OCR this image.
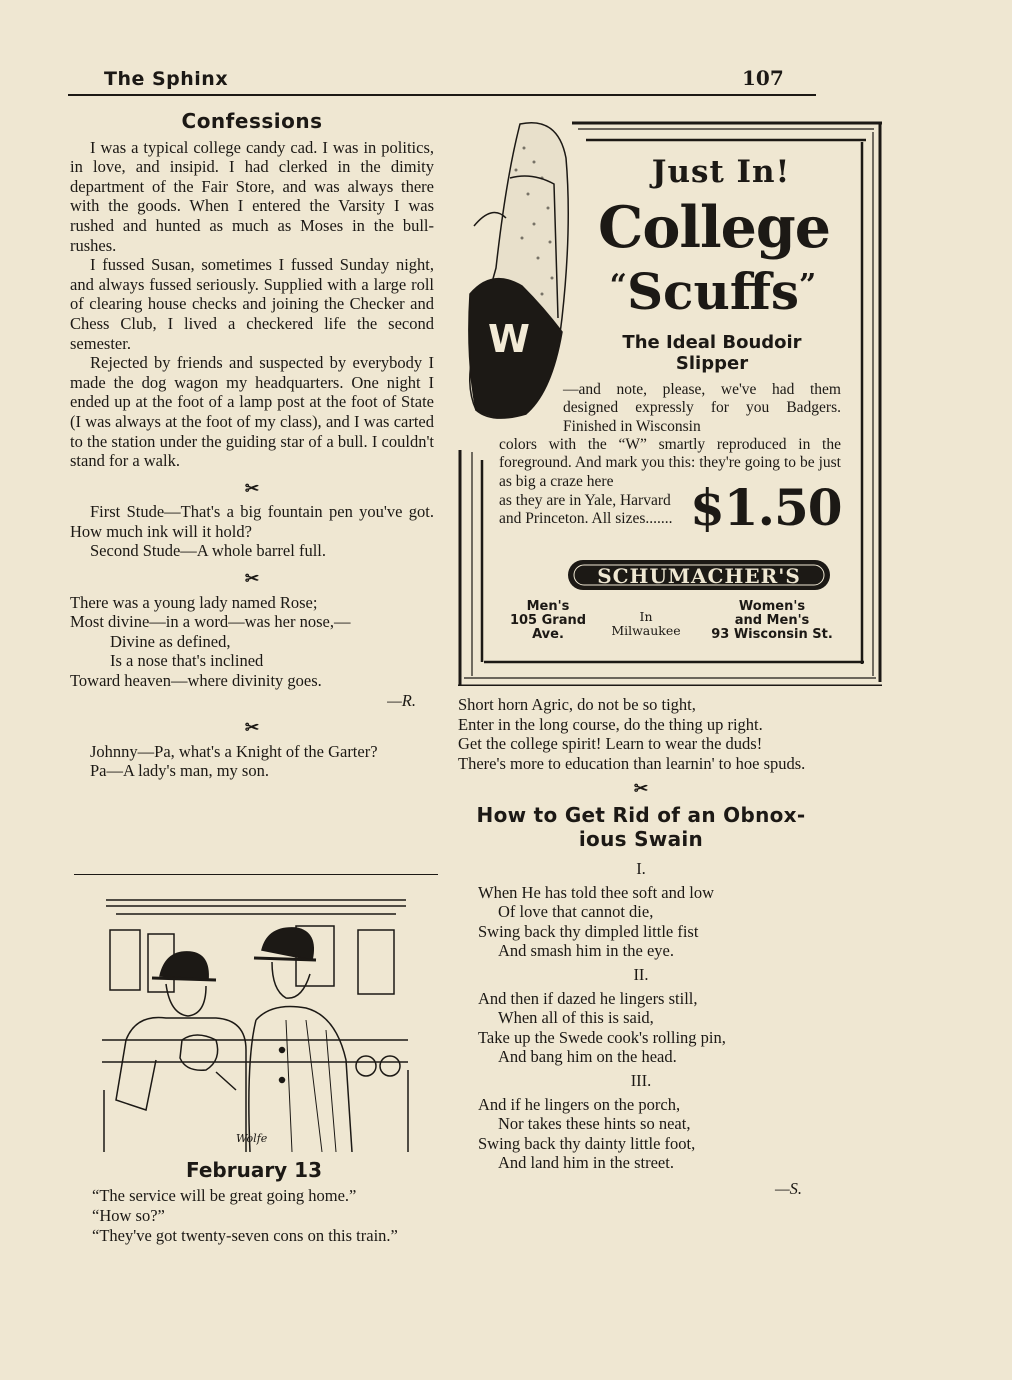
The Sphinx	107
Confessions

I was a typical college candy cad. I was in politics, in love, and insipid. I had clerked in the dimity department of the Fair Store, and was always there with the goods. When I entered the Varsity I was rushed and hunted as much as Moses in the bull-rushes.

I fussed Susan, sometimes I fussed Sunday night, and always fussed seriously. Supplied with a large roll of clearing house checks and joining the Checker and Chess Club, I lived a checkered life the second semester.

Rejected by friends and suspected by everybody I made the dog wagon my headquarters. One night I ended up at the foot of a lamp post at the foot of State (I was always at the foot of my class), and I was carted to the station under the guiding star of a bull. I couldn't stand for a walk.

✂

First Stude—That's a big fountain pen you've got. How much ink will it hold?

Second Stude—A whole barrel full.

✂

There was a young lady named Rose;

Most divine—in a word—was her nose,—

Divine as defined,

Is a nose that's inclined

Toward heaven—where divinity goes.

—R.

✂

Johnny—Pa, what's a Knight of the Garter?

Pa—A lady's man, my son.

Wolfe
February 13

“The service will be great going home.”

“How so?”

“They've got twenty-seven cons on this train.”

W
Just In!
College
“Scuffs”
The Ideal Boudoir Slipper
—and note, please, we've had them designed expressly for you Badgers. Finished in Wisconsin
colors with the “W” smartly reproduced in the foreground. And mark you this: they're going to be just as big a craze here
as they are in Yale, Harvard and Princeton. All sizes....... $1.50
SCHUMACHER'S
Men's
105 Grand
Ave.
In
Milwaukee
Women's
and Men's
93 Wisconsin St.

Short horn Agric, do not be so tight,

Enter in the long course, do the thing up right.

Get the college spirit! Learn to wear the duds!

There's more to education than learnin' to hoe spuds.

✂
How to Get Rid of an Obnox-ious Swain
I.

When He has told thee soft and low

Of love that cannot die,

Swing back thy dimpled little fist

And smash him in the eye.

II.

And then if dazed he lingers still,

When all of this is said,

Take up the Swede cook's rolling pin,

And bang him on the head.

III.

And if he lingers on the porch,

Nor takes these hints so neat,

Swing back thy dainty little foot,

And land him in the street.

—S.
